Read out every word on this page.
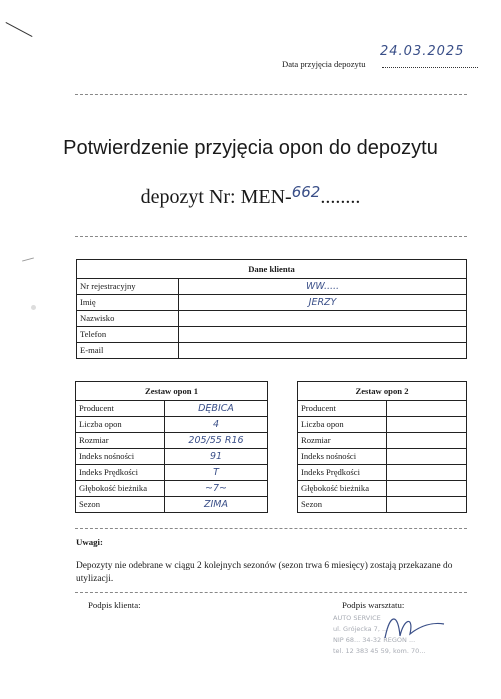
Data przyjęcia depozytu
24.03.2025
Potwierdzenie przyjęcia opon do depozytu
depozyt Nr: MEN-$^{662}$........
Dane klienta	
Nr rejestracyjny	WW.....
Imię	JERZY
Nazwisko	
Telefon	
E-mail	
Zestaw opon 1	
Producent	DĘBICA
Liczba opon	4
Rozmiar	205/55 R16
Indeks nośności	91
Indeks Prędkości	T
Głębokość bieżnika	~7~
Sezon	ZIMA
Zestaw opon 2	
Producent	
Liczba opon	
Rozmiar	
Indeks nośności	
Indeks Prędkości	
Głębokość bieżnika	
Sezon	
Uwagi:
Depozyty nie odebrane w ciągu 2 kolejnych sezonów (sezon trwa 6 miesięcy) zostają przekazane do utylizacji.
Podpis klienta:	Podpis warsztatu:
AUTO SERVICE
ul. Grójecka 7, ...
NIP 68... 34-32 REGON ...
tel. 12 383 45 59, kom. 70...
